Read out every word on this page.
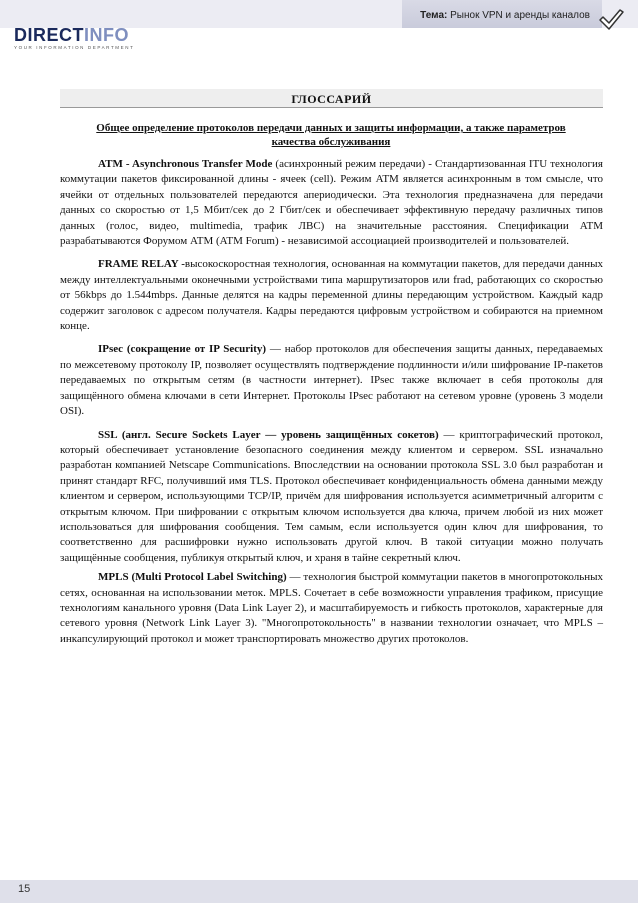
Тема: Рынок VPN и аренды каналов
DIRECTINFO
YOUR INFORMATION DEPARTMENT
ГЛОССАРИЙ
Общее определение протоколов передачи данных и защиты информации, а также параметров качества обслуживания

ATM - Asynchronous Transfer Mode (асинхронный режим передачи) - Стандартизованная ITU технология коммутации пакетов фиксированной длины - ячеек (cell). Режим ATM является асинхронным в том смысле, что ячейки от отдельных пользователей передаются апериодически. Эта технология предназначена для передачи данных со скоростью от 1,5 Мбит/сек до 2 Гбит/сек и обеспечивает эффективную передачу различных типов данных (голос, видео, multimedia, трафик ЛВС) на значительные расстояния. Спецификации ATM разрабатываются Форумом ATM (ATM Forum) - независимой ассоциацией производителей и пользователей.

FRAME RELAY -высокоскоростная технология, основанная на коммутации пакетов, для передачи данных между интеллектуальными оконечными устройствами типа маршрутизаторов или frad, работающих со скоростью от 56kbps до 1.544mbps. Данные делятся на кадры переменной длины передающим устройством. Каждый кадр содержит заголовок с адресом получателя. Кадры передаются цифровым устройством и собираются на приемном конце.

IPsec (сокращение от IP Security) — набор протоколов для обеспечения защиты данных, передаваемых по межсетевому протоколу IP, позволяет осуществлять подтверждение подлинности и/или шифрование IP-пакетов передаваемых по открытым сетям (в частности интернет). IPsec также включает в себя протоколы для защищённого обмена ключами в сети Интернет. Протоколы IPsec работают на сетевом уровне (уровень 3 модели OSI).

SSL (англ. Secure Sockets Layer — уровень защищённых сокетов) — криптографический протокол, который обеспечивает установление безопасного соединения между клиентом и сервером. SSL изначально разработан компанией Netscape Communications. Впоследствии на основании протокола SSL 3.0 был разработан и принят стандарт RFC, получивший имя TLS. Протокол обеспечивает конфиденциальность обмена данными между клиентом и сервером, использующими TCP/IP, причём для шифрования используется асимметричный алгоритм с открытым ключом. При шифровании с открытым ключом используется два ключа, причем любой из них может использоваться для шифрования сообщения. Тем самым, если используется один ключ для шифрования, то соответственно для расшифровки нужно использовать другой ключ. В такой ситуации можно получать защищённые сообщения, публикуя открытый ключ, и храня в тайне секретный ключ.

MPLS (Multi Protocol Label Switching) — технология быстрой коммутации пакетов в многопротокольных сетях, основанная на использовании меток. MPLS. Сочетает в себе возможности управления трафиком, присущие технологиям канального уровня (Data Link Layer 2), и масштабируемость и гибкость протоколов, характерные для сетевого уровня (Network Link Layer 3). "Многопротокольность" в названии технологии означает, что MPLS – инкапсулирующий протокол и может транспортировать множество других протоколов.

15
